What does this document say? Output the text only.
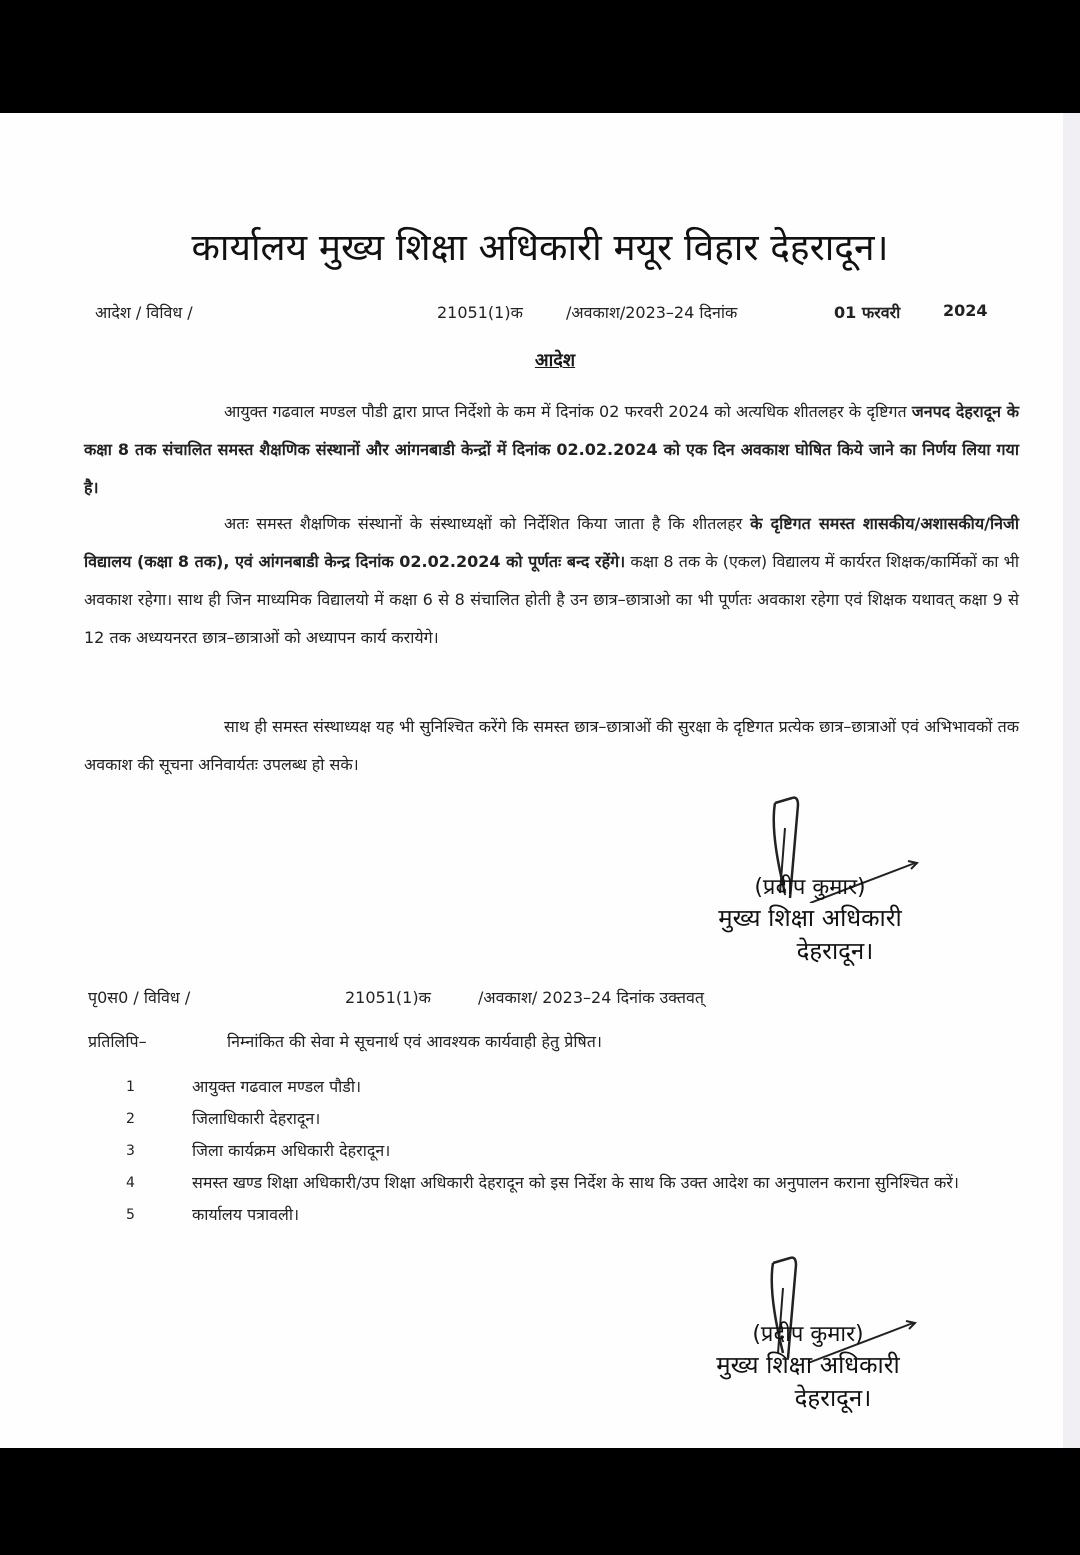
कार्यालय मुख्य शिक्षा अधिकारी मयूर विहार देहरादून।
आदेश / विविध /	21051(1)क	/अवकाश/2023–24 दिनांक	01 फरवरी	2024
आदेश
आयुक्त गढवाल मण्डल पौडी द्वारा प्राप्त निर्देशो के कम में दिनांक 02 फरवरी 2024 को अत्यधिक शीतलहर के दृष्टिगत जनपद देहरादून के कक्षा 8 तक संचालित समस्त शैक्षणिक संस्थानों और आंगनबाडी केन्द्रों में दिनांक 02.02.2024 को एक दिन अवकाश घोषित किये जाने का निर्णय लिया गया है।
अतः समस्त शैक्षणिक संस्थानों के संस्थाध्यक्षों को निर्देशित किया जाता है कि शीतलहर के दृष्टिगत समस्त शासकीय/अशासकीय/निजी विद्यालय (कक्षा 8 तक), एवं आंगनबाडी केन्द्र दिनांक 02.02.2024 को पूर्णतः बन्द रहेंगे। कक्षा 8 तक के (एकल) विद्यालय में कार्यरत शिक्षक/कार्मिकों का भी अवकाश रहेगा। साथ ही जिन माध्यमिक विद्यालयो में कक्षा 6 से 8 संचालित होती है उन छात्र–छात्राओ का भी पूर्णतः अवकाश रहेगा एवं शिक्षक यथावत् कक्षा 9 से 12 तक अध्ययनरत छात्र–छात्राओं को अध्यापन कार्य करायेगे।
साथ ही समस्त संस्थाध्यक्ष यह भी सुनिश्चित करेंगे कि समस्त छात्र–छात्राओं की सुरक्षा के दृष्टिगत प्रत्येक छात्र–छात्राओं एवं अभिभावकों तक अवकाश की सूचना अनिवार्यतः उपलब्ध हो सके।
(प्रदीप कुमार)
मुख्य शिक्षा अधिकारी
देहरादून।
पृ0स0 / विविध /	21051(1)क	/अवकाश/ 2023–24 दिनांक उक्तवत्
प्रतिलिपि–	निम्नांकित की सेवा मे सूचनार्थ एवं आवश्यक कार्यवाही हेतु प्रेषित।
1	आयुक्त गढवाल मण्डल पौडी।
2	जिलाधिकारी देहरादून।
3	जिला कार्यक्रम अधिकारी देहरादून।
4	समस्त खण्ड शिक्षा अधिकारी/उप शिक्षा अधिकारी देहरादून को इस निर्देश के साथ कि उक्त आदेश का अनुपालन कराना सुनिश्चित करें।
5	कार्यालय पत्रावली।
(प्रदीप कुमार)
मुख्य शिक्षा अधिकारी
देहरादून।
